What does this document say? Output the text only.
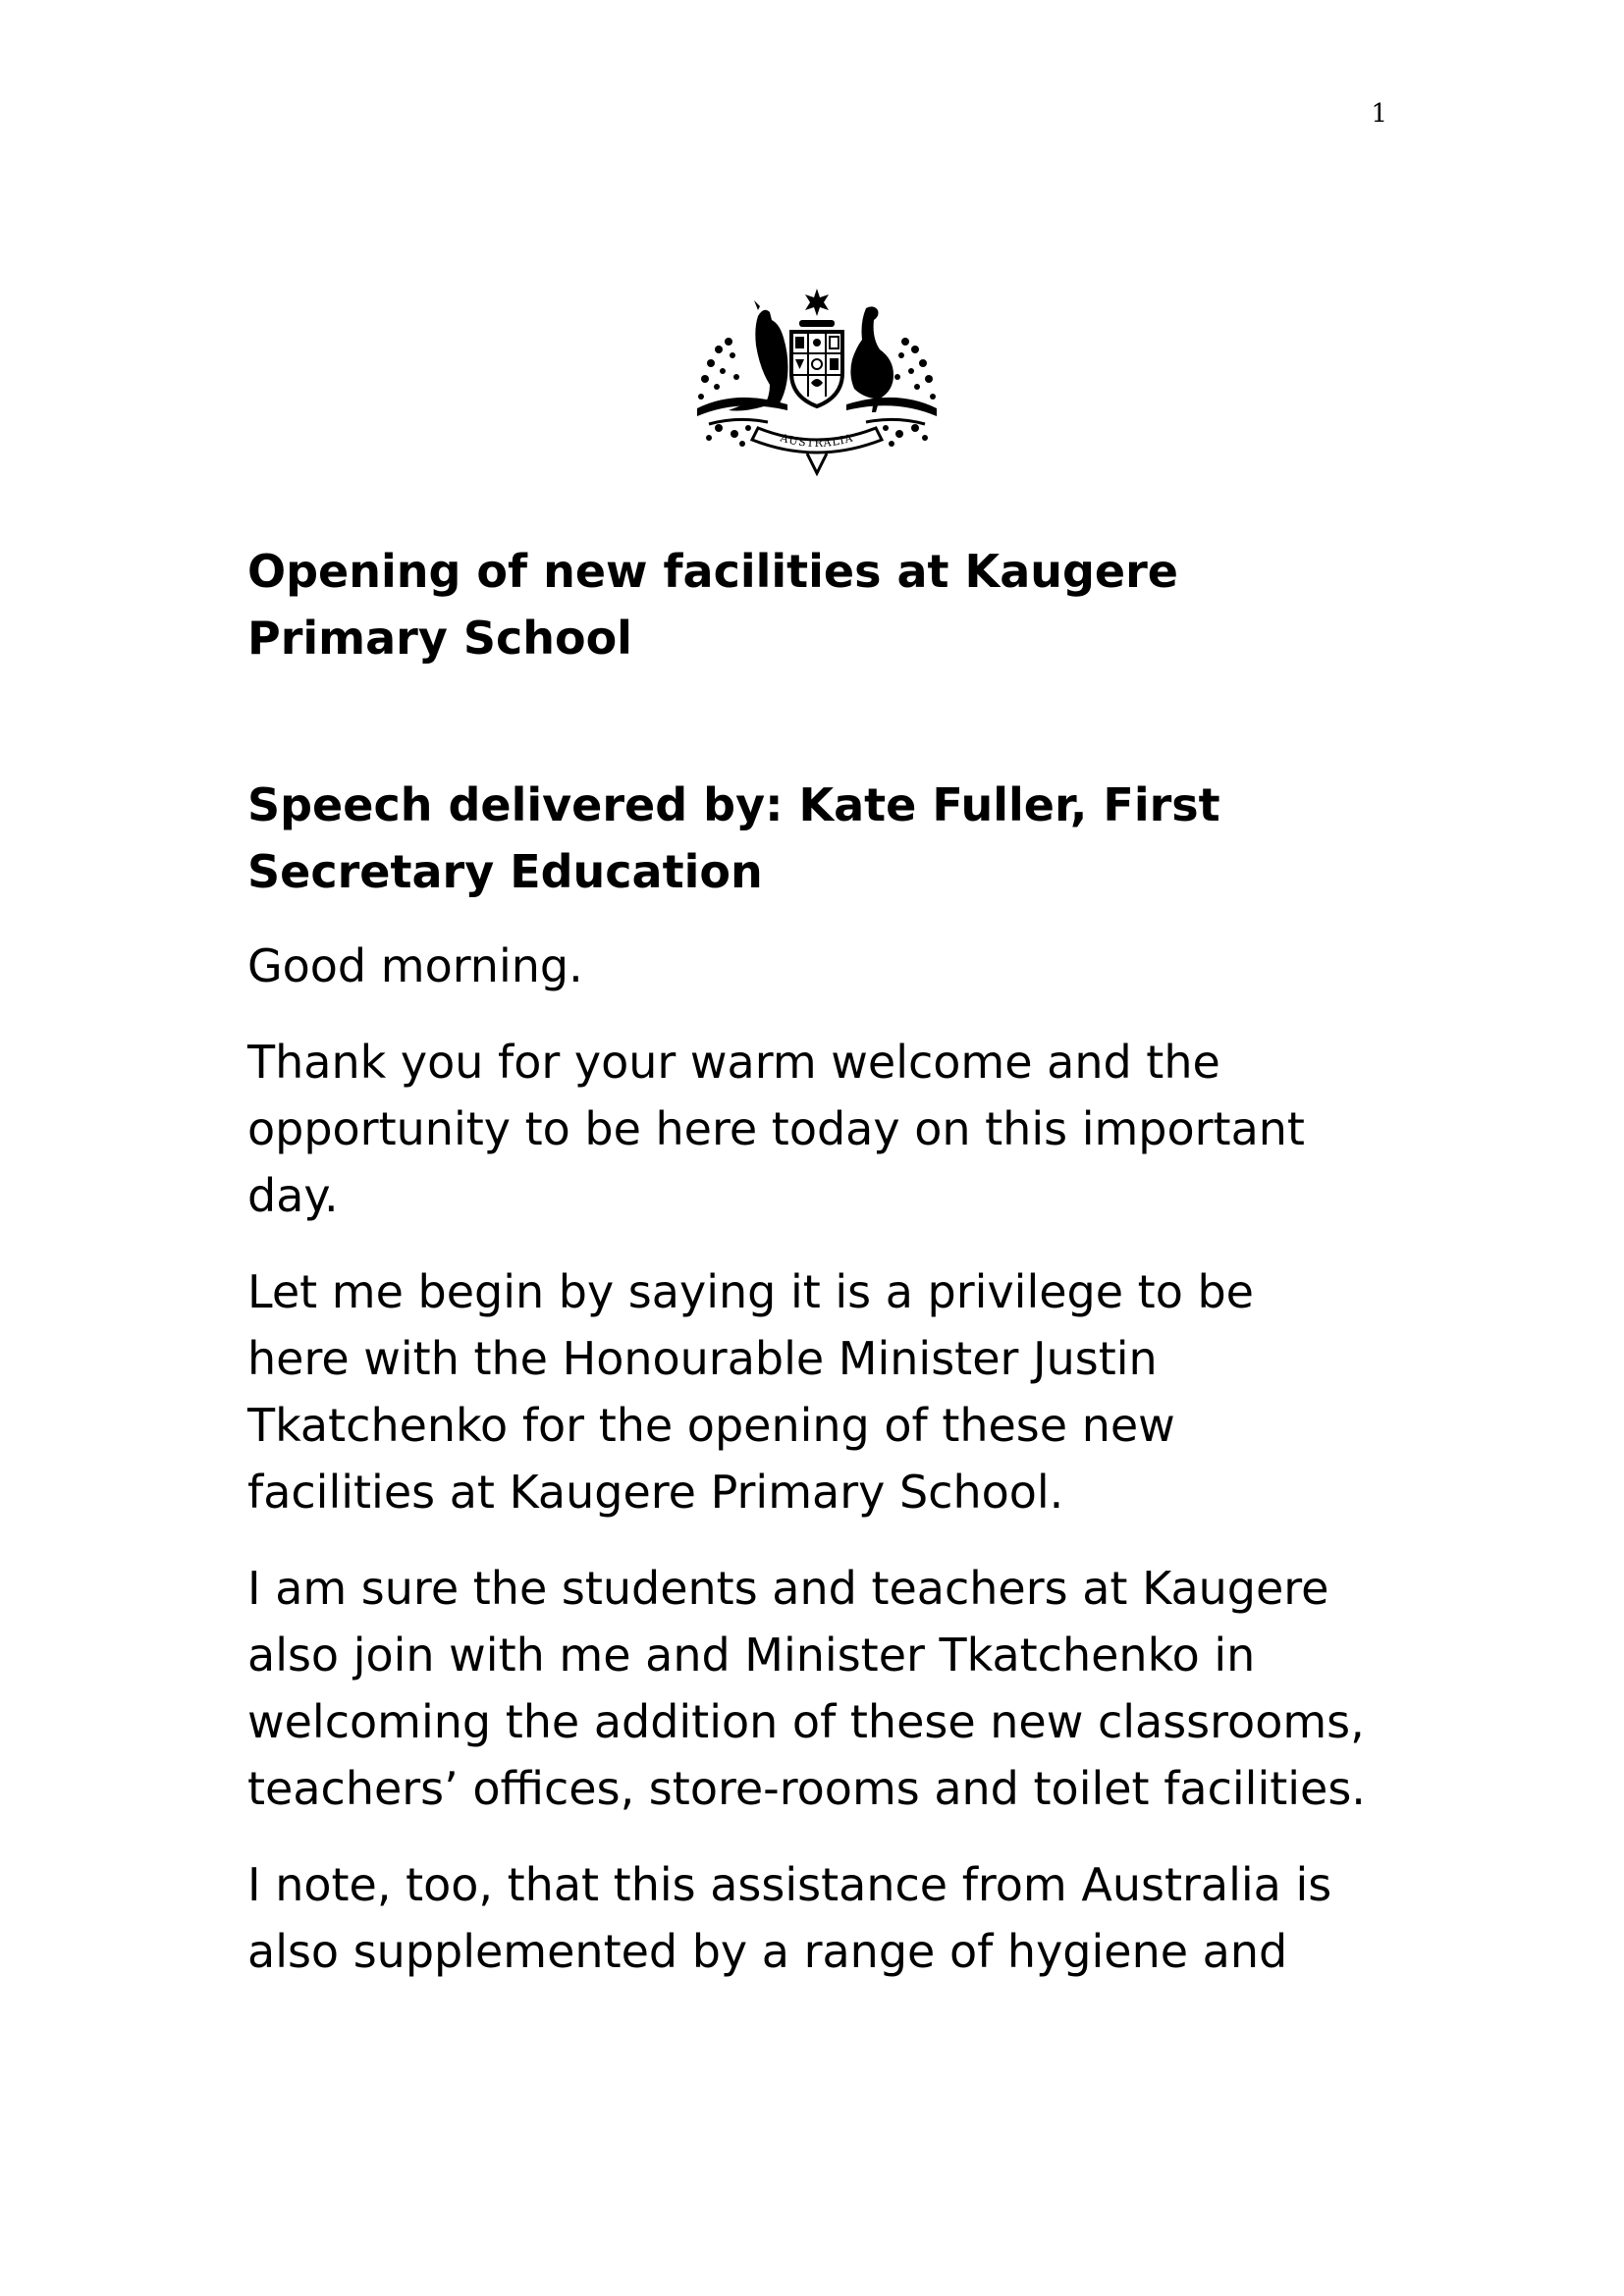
1
AUSTRALIA

Opening of new facilities at Kaugere Primary School

Speech delivered by: Kate Fuller, First Secretary Education

Good morning.

Thank you for your warm welcome and the opportunity to be here today on this important day.

Let me begin by saying it is a privilege to be here with the Honourable Minister Justin Tkatchenko for the opening of these new facilities at Kaugere Primary School.

I am sure the students and teachers at Kaugere also join with me and Minister Tkatchenko in welcoming the addition of these new classrooms, teachers’ offices, store-rooms and toilet facilities.

I note, too, that this assistance from Australia is also supplemented by a range of hygiene and
